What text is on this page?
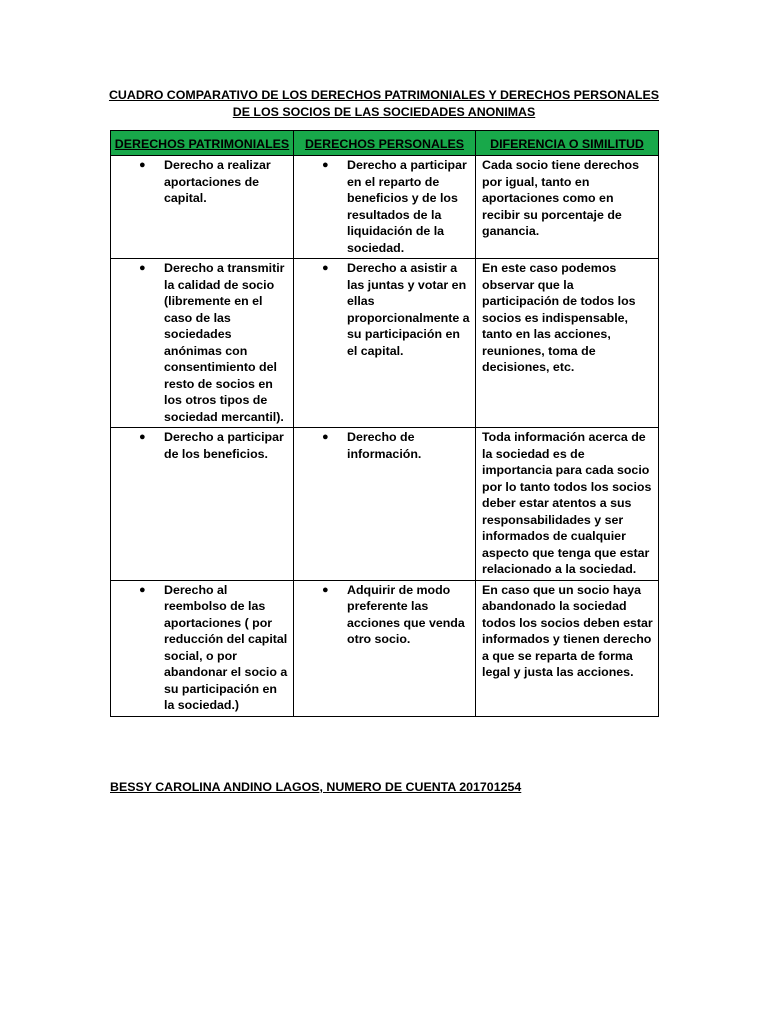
CUADRO COMPARATIVO DE LOS DERECHOS PATRIMONIALES Y DERECHOS PERSONALES DE LOS SOCIOS DE LAS SOCIEDADES ANONIMAS
DERECHOS PATRIMONIALES	DERECHOS PERSONALES	DIFERENCIA O SIMILITUD

● Derecho a realizar aportaciones de capital.	● Derecho a participar en el reparto de beneficios y de los resultados de la liquidación de la sociedad.	Cada socio tiene derechos por igual, tanto en aportaciones como en recibir su porcentaje de ganancia.

● Derecho a transmitir la calidad de socio (libremente en el caso de las sociedades anónimas con consentimiento del resto de socios en los otros tipos de sociedad mercantil).	● Derecho a asistir a las juntas y votar en ellas proporcionalmente a su participación en el capital.	En este caso podemos observar que la participación de todos los socios es indispensable, tanto en las acciones, reuniones, toma de decisiones, etc.

● Derecho a participar de los beneficios.	● Derecho de información.	Toda información acerca de la sociedad es de importancia para cada socio por lo tanto todos los socios deber estar atentos a sus responsabilidades y ser informados de cualquier aspecto que tenga que estar relacionado a la sociedad.

● Derecho al reembolso de las aportaciones ( por reducción del capital social, o por abandonar el socio a su participación en la sociedad.)	● Adquirir de modo preferente las acciones que venda otro socio.	En caso que un socio haya abandonado la sociedad todos los socios deben estar informados y tienen derecho a que se reparta de forma legal y justa las acciones.
BESSY CAROLINA ANDINO LAGOS, NUMERO DE CUENTA 201701254
